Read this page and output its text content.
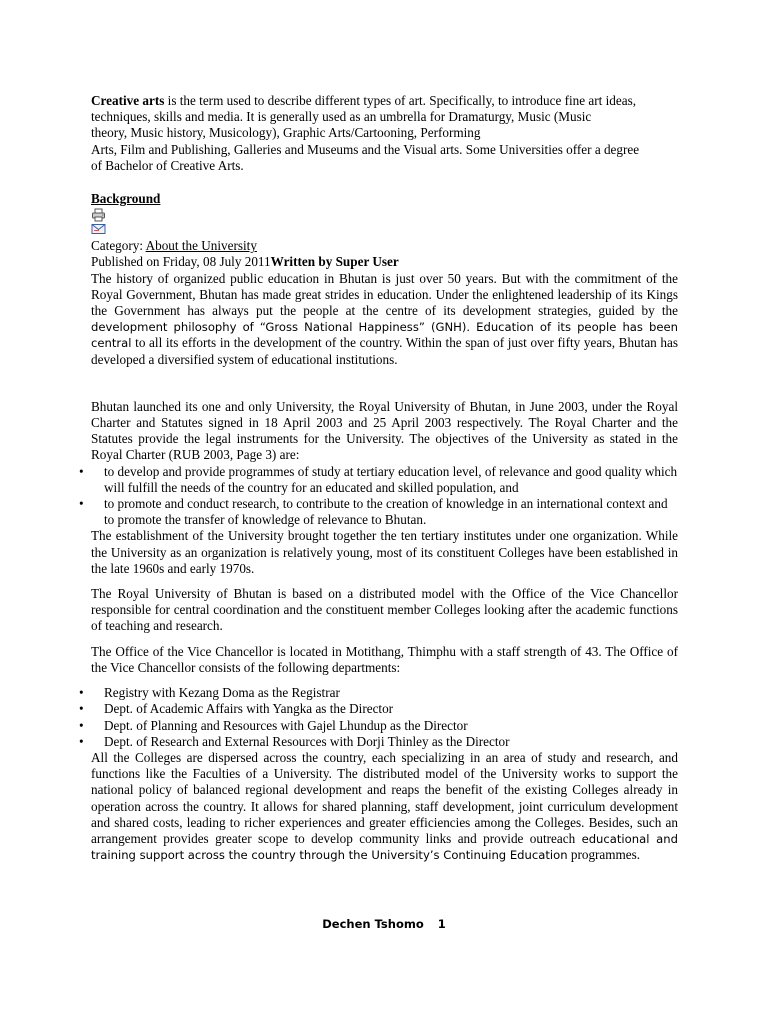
Creative arts is the term used to describe different types of art. Specifically, to introduce fine art ideas,
techniques, skills and media. It is generally used as an umbrella for Dramaturgy, Music (Music
theory, Music history, Musicology), Graphic Arts/Cartooning, Performing
Arts, Film and Publishing, Galleries and Museums and the Visual arts. Some Universities offer a degree
of Bachelor of Creative Arts.
Background
Category: About the University
Published on Friday, 08 July 2011Written by Super User

The history of organized public education in Bhutan is just over 50 years. But with the commitment of the Royal Government, Bhutan has made great strides in education. Under the enlightened leadership of its Kings the Government has always put the people at the centre of its development strategies, guided by the development philosophy of “Gross National Happiness” (GNH). Education of its people has been central to all its efforts in the development of the country. Within the span of just over fifty years, Bhutan has developed a diversified system of educational institutions.

Bhutan launched its one and only University, the Royal University of Bhutan, in June 2003, under the Royal Charter and Statutes signed in 18 April 2003 and 25 April 2003 respectively. The Royal Charter and the Statutes provide the legal instruments for the University. The objectives of the University as stated in the Royal Charter (RUB 2003, Page 3) are:

• to develop and provide programmes of study at tertiary education level, of relevance and good quality which will fulfill the needs of the country for an educated and skilled population, and
• to promote and conduct research, to contribute to the creation of knowledge in an international context and to promote the transfer of knowledge of relevance to Bhutan.

The establishment of the University brought together the ten tertiary institutes under one organization. While the University as an organization is relatively young, most of its constituent Colleges have been established in the late 1960s and early 1970s.

The Royal University of Bhutan is based on a distributed model with the Office of the Vice Chancellor responsible for central coordination and the constituent member Colleges looking after the academic functions of teaching and research.

The Office of the Vice Chancellor is located in Motithang, Thimphu with a staff strength of 43. The Office of the Vice Chancellor consists of the following departments:

• Registry with Kezang Doma as the Registrar
• Dept. of Academic Affairs with Yangka as the Director
• Dept. of Planning and Resources with Gajel Lhundup as the Director
• Dept. of Research and External Resources with Dorji Thinley as the Director

All the Colleges are dispersed across the country, each specializing in an area of study and research, and functions like the Faculties of a University. The distributed model of the University works to support the national policy of balanced regional development and reaps the benefit of the existing Colleges already in operation across the country. It allows for shared planning, staff development, joint curriculum development and shared costs, leading to richer experiences and greater efficiencies among the Colleges. Besides, such an arrangement provides greater scope to develop community links and provide outreach educational and training support across the country through the University’s Continuing Education programmes.

Dechen Tshomo 1
